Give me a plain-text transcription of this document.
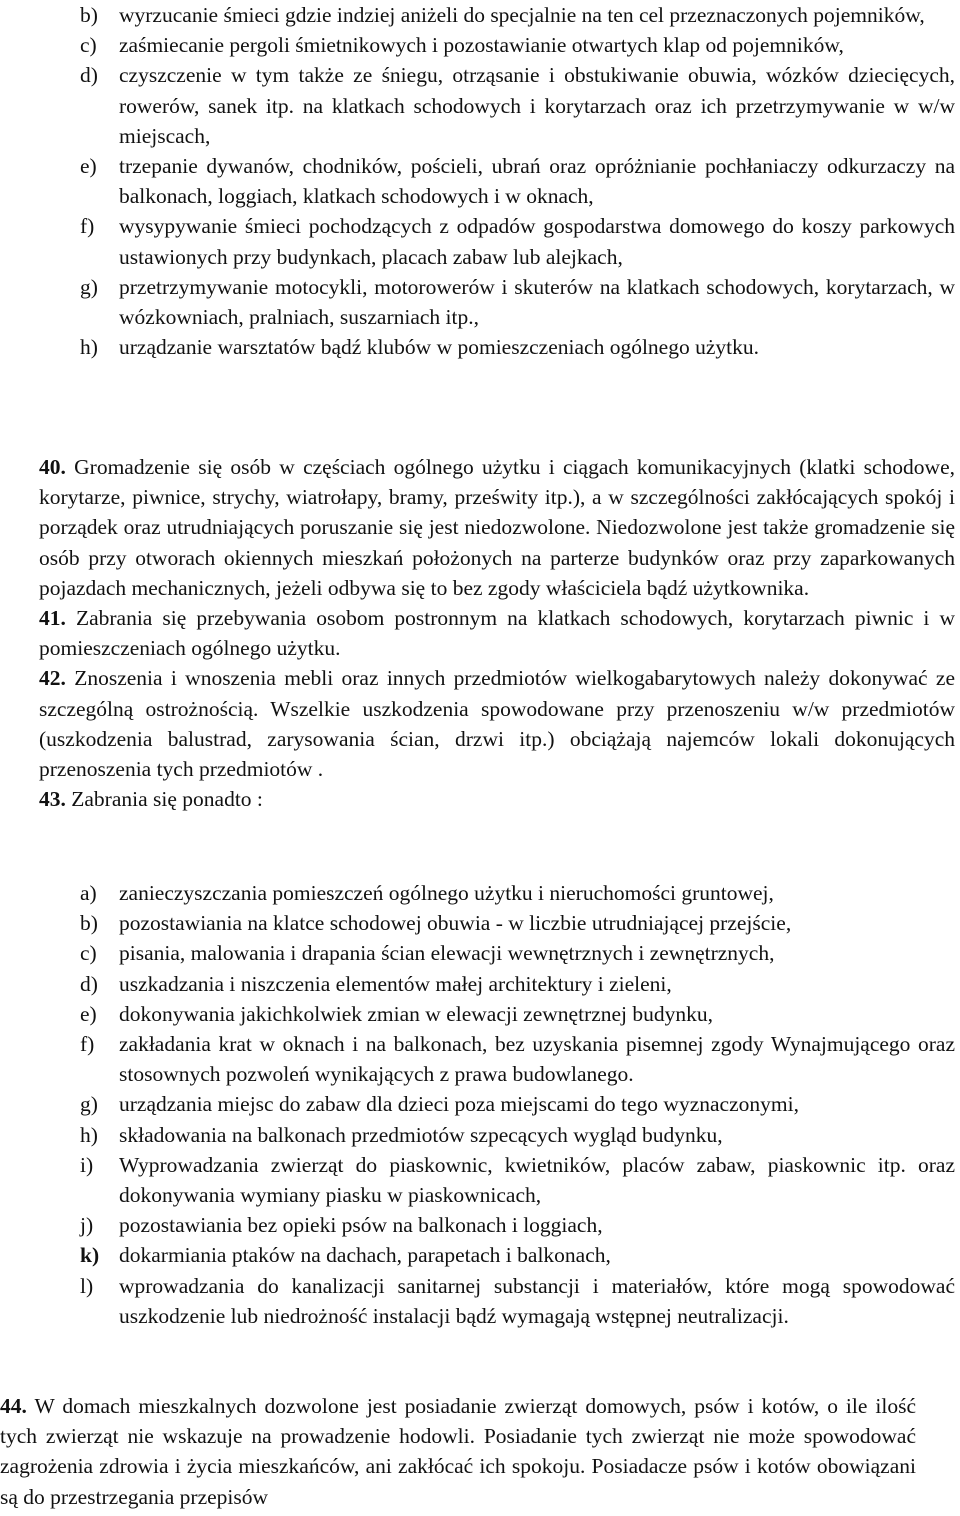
b) wyrzucanie śmieci gdzie indziej aniżeli do specjalnie na ten cel przeznaczonych pojemników,
c)	zaśmiecanie pergoli śmietnikowych i pozostawianie otwartych klap od pojemników,
d) czyszczenie w tym także ze śniegu, otrząsanie i obstukiwanie obuwia, wózków dziecięcych, rowerów, sanek itp. na klatkach schodowych i korytarzach oraz ich przetrzymywanie w w/w miejscach,
e)	trzepanie dywanów, chodników, pościeli, ubrań oraz opróżnianie pochłaniaczy odkurzaczy na balkonach, loggiach, klatkach schodowych i w oknach,
f)	wysypywanie śmieci pochodzących z odpadów gospodarstwa domowego do koszy parkowych ustawionych przy budynkach, placach zabaw lub alejkach,
g) przetrzymywanie motocykli, motorowerów i skuterów na klatkach schodowych, korytarzach, w wózkowniach, pralniach, suszarniach itp.,
h) urządzanie warsztatów bądź klubów w pomieszczeniach ogólnego użytku.

40. Gromadzenie się osób w częściach ogólnego użytku i ciągach komunikacyjnych (klatki schodowe, korytarze, piwnice, strychy, wiatrołapy, bramy, prześwity itp.), a w szczególności zakłócających spokój i porządek oraz utrudniających poruszanie się jest niedozwolone. Niedozwolone jest także gromadzenie się osób przy otworach okiennych mieszkań położonych na parterze budynków oraz przy zaparkowanych pojazdach mechanicznych, jeżeli odbywa się to bez zgody właściciela bądź użytkownika.

41. Zabrania się przebywania osobom postronnym na klatkach schodowych, korytarzach piwnic i w pomieszczeniach ogólnego użytku.

42. Znoszenia i wnoszenia mebli oraz innych przedmiotów wielkogabarytowych należy dokonywać ze szczególną ostrożnością. Wszelkie uszkodzenia spowodowane przy przenoszeniu w/w przedmiotów (uszkodzenia balustrad, zarysowania ścian, drzwi itp.) obciążają najemców lokali dokonujących przenoszenia tych przedmiotów .

43. Zabrania się ponadto :

a)	zanieczyszczania pomieszczeń ogólnego użytku i nieruchomości gruntowej,
b) pozostawiania na klatce schodowej obuwia - w liczbie utrudniającej przejście,
c)	pisania, malowania i drapania ścian elewacji wewnętrznych i zewnętrznych,
d) uszkadzania i niszczenia elementów małej architektury i zieleni,
e)	dokonywania jakichkolwiek zmian w elewacji zewnętrznej budynku,
f)	zakładania krat w oknach i na balkonach, bez uzyskania pisemnej zgody Wynajmującego oraz stosownych pozwoleń wynikających z prawa budowlanego.
g) urządzania miejsc do zabaw dla dzieci poza miejscami do tego wyznaczonymi,
h) składowania na balkonach przedmiotów szpecących wygląd budynku,
i)	Wyprowadzania zwierząt do piaskownic, kwietników, placów zabaw, piaskownic itp. oraz dokonywania wymiany piasku w piaskownicach,
j)	pozostawiania bez opieki psów na balkonach i loggiach,
k) dokarmiania ptaków na dachach, parapetach i balkonach,
l)	wprowadzania do kanalizacji sanitarnej substancji i materiałów, które mogą spowodować uszkodzenie lub niedrożność instalacji bądź wymagają wstępnej neutralizacji.

44. W domach mieszkalnych dozwolone jest posiadanie zwierząt domowych, psów i kotów, o ile ilość tych zwierząt nie wskazuje na prowadzenie hodowli. Posiadanie tych zwierząt nie może spowodować zagrożenia zdrowia i życia mieszkańców, ani zakłócać ich spokoju. Posiadacze psów i kotów obowiązani są do przestrzegania przepisów
